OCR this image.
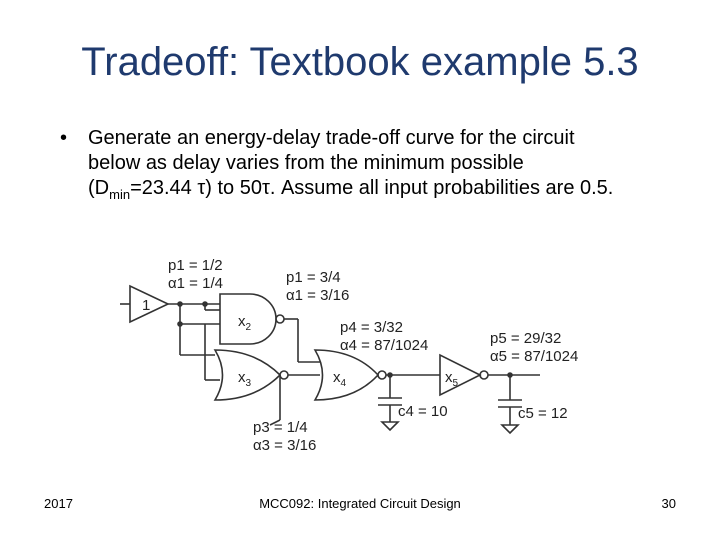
Tradeoff: Textbook example 5.3
•	Generate an energy-delay trade-off curve for the circuit below as delay varies from the minimum possible ($D_{min}=23.44$ τ) to 50τ. Assume all input probabilities are 0.5.
1
$x_2$
$x_3$	$x_4$	$x_5$
p1 = 1/2
α1 = 1/4	p1 = 3/4
α1 = 3/16
p4 = 3/32
α4 = 87/1024	p5 = 29/32
α5 = 87/1024
p3 = 1/4
α3 = 3/16
c4 = 10	c5 = 12
2017	MCC092: Integrated Circuit Design	30
